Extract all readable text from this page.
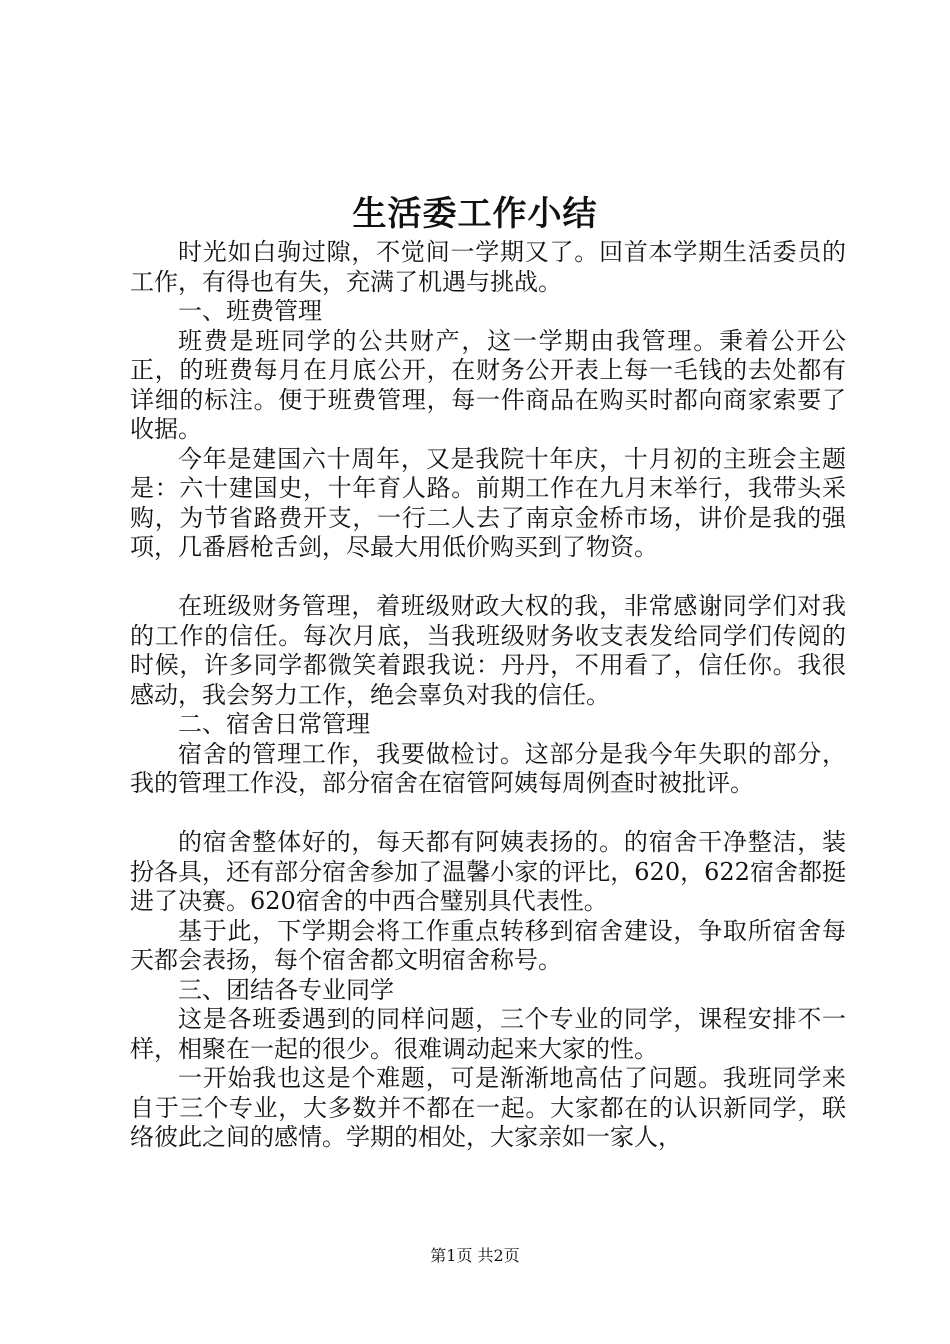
生活委工作小结

时光如白驹过隙，不觉间一学期又了。回首本学期生活委员的工作，有得也有失，充满了机遇与挑战。

一、班费管理

班费是班同学的公共财产，这一学期由我管理。秉着公开公正，的班费每月在月底公开，在财务公开表上每一毛钱的去处都有详细的标注。便于班费管理，每一件商品在购买时都向商家索要了收据。

今年是建国六十周年，又是我院十年庆，十月初的主班会主题是：六十建国史，十年育人路。前期工作在九月末举行，我带头采购，为节省路费开支，一行二人去了南京金桥市场，讲价是我的强项，几番唇枪舌剑，尽最大用低价购买到了物资。

在班级财务管理，着班级财政大权的我，非常感谢同学们对我的工作的信任。每次月底，当我班级财务收支表发给同学们传阅的时候，许多同学都微笑着跟我说：丹丹，不用看了，信任你。我很感动，我会努力工作，绝会辜负对我的信任。

二、宿舍日常管理

宿舍的管理工作，我要做检讨。这部分是我今年失职的部分，我的管理工作没，部分宿舍在宿管阿姨每周例查时被批评。

的宿舍整体好的，每天都有阿姨表扬的。的宿舍干净整洁，装扮各具，还有部分宿舍参加了温馨小家的评比，620，622宿舍都挺进了决赛。620宿舍的中西合璧别具代表性。

基于此，下学期会将工作重点转移到宿舍建设，争取所宿舍每天都会表扬，每个宿舍都文明宿舍称号。

三、团结各专业同学

这是各班委遇到的同样问题，三个专业的同学，课程安排不一样，相聚在一起的很少。很难调动起来大家的性。

一开始我也这是个难题，可是渐渐地高估了问题。我班同学来自于三个专业，大多数并不都在一起。大家都在的认识新同学，联络彼此之间的感情。学期的相处，大家亲如一家人，

第1页 共2页
